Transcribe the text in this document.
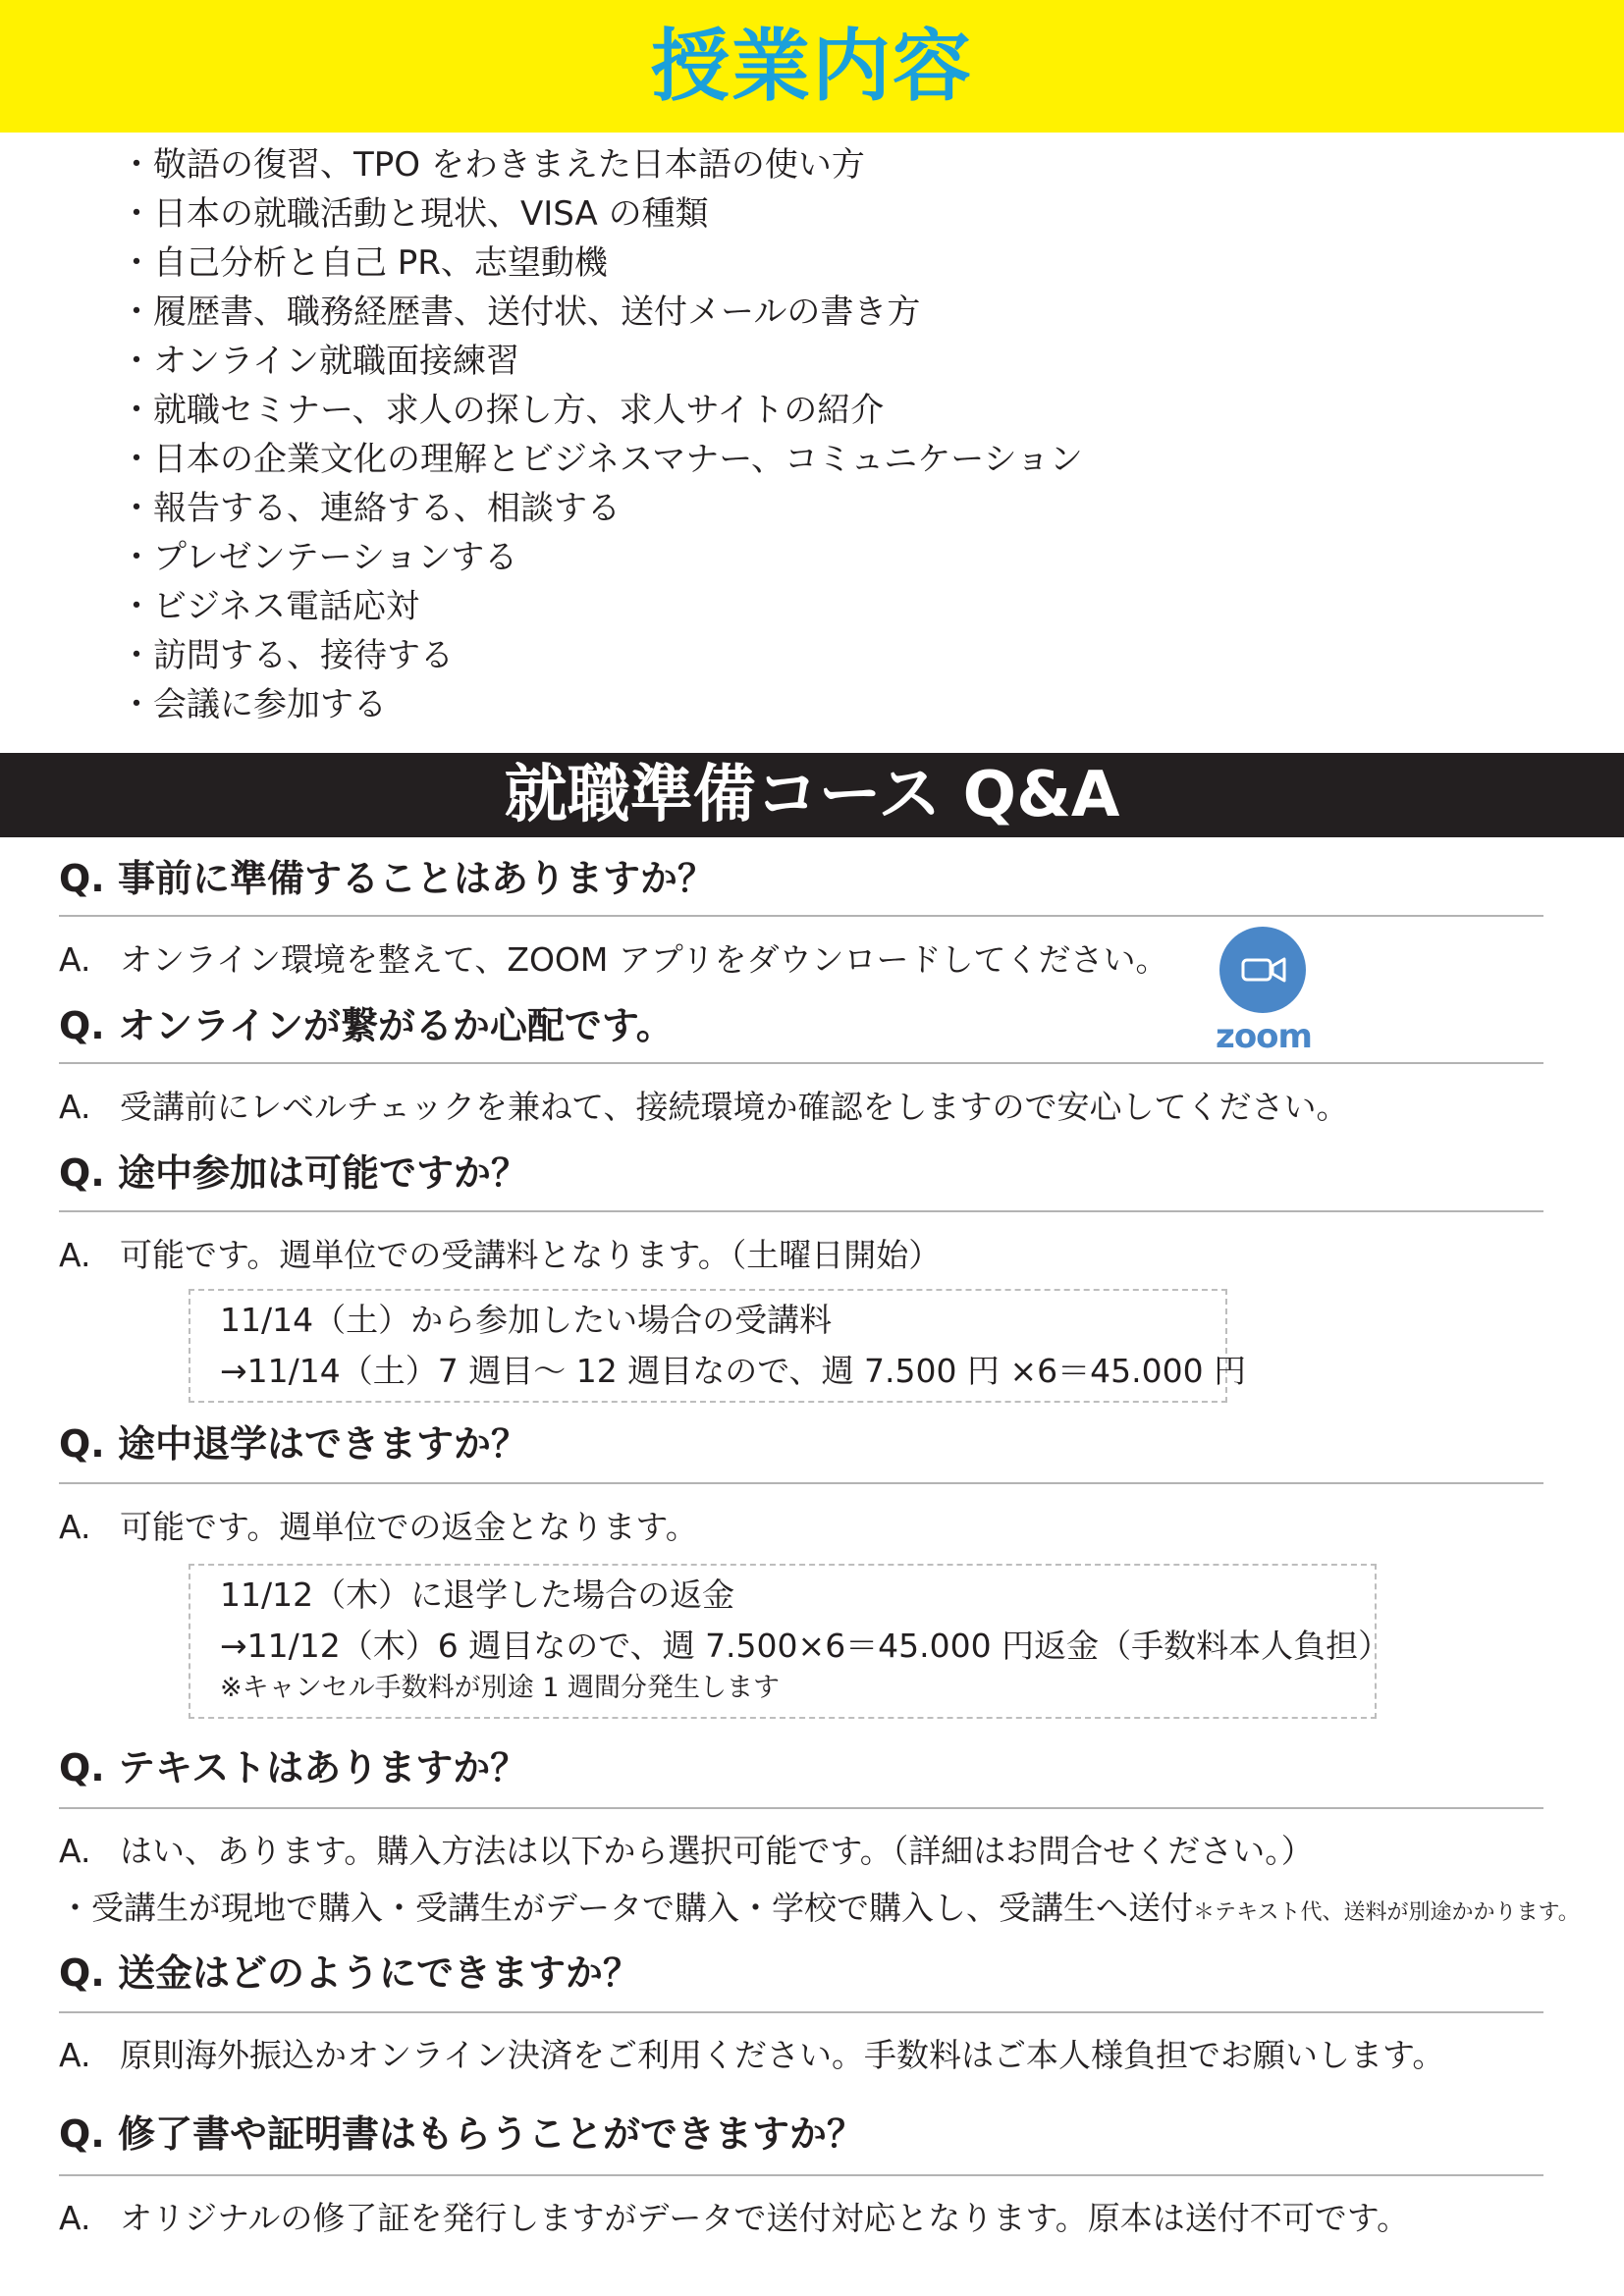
授業内容
・敬語の復習、TPO をわきまえた日本語の使い方
・日本の就職活動と現状、VISA の種類
・自己分析と自己 PR、志望動機
・履歴書、職務経歴書、送付状、送付メールの書き方
・オンライン就職面接練習
・就職セミナー、求人の探し方、求人サイトの紹介
・日本の企業文化の理解とビジネスマナー、コミュニケーション
・報告する、連絡する、相談する
・プレゼンテーションする
・ビジネス電話応対
・訪問する、接待する
・会議に参加する
就職準備コース Q&A
Q. 事前に準備することはありますか？
A. オンライン環境を整えて、ZOOM アプリをダウンロードしてください。
zoom
Q. オンラインが繋がるか心配です。
A. 受講前にレベルチェックを兼ねて、接続環境か確認をしますので安心してください。
Q. 途中参加は可能ですか？
A. 可能です。週単位での受講料となります。（土曜日開始）
11/14（土）から参加したい場合の受講料
→11/14（土）7 週目〜 12 週目なので、週 7.500 円 ×6＝45.000 円
Q. 途中退学はできますか？
A. 可能です。週単位での返金となります。
11/12（木）に退学した場合の返金
→11/12（木）6 週目なので、週 7.500×6＝45.000 円返金（手数料本人負担）
※キャンセル手数料が別途 1 週間分発生します
Q. テキストはありますか？
A. はい、あります。購入方法は以下から選択可能です。（詳細はお問合せください。）
・受講生が現地で購入・受講生がデータで購入・学校で購入し、受講生へ送付＊テキスト代、送料が別途かかります。
Q. 送金はどのようにできますか？
A. 原則海外振込かオンライン決済をご利用ください。手数料はご本人様負担でお願いします。
Q. 修了書や証明書はもらうことができますか？
A. オリジナルの修了証を発行しますがデータで送付対応となります。原本は送付不可です。
